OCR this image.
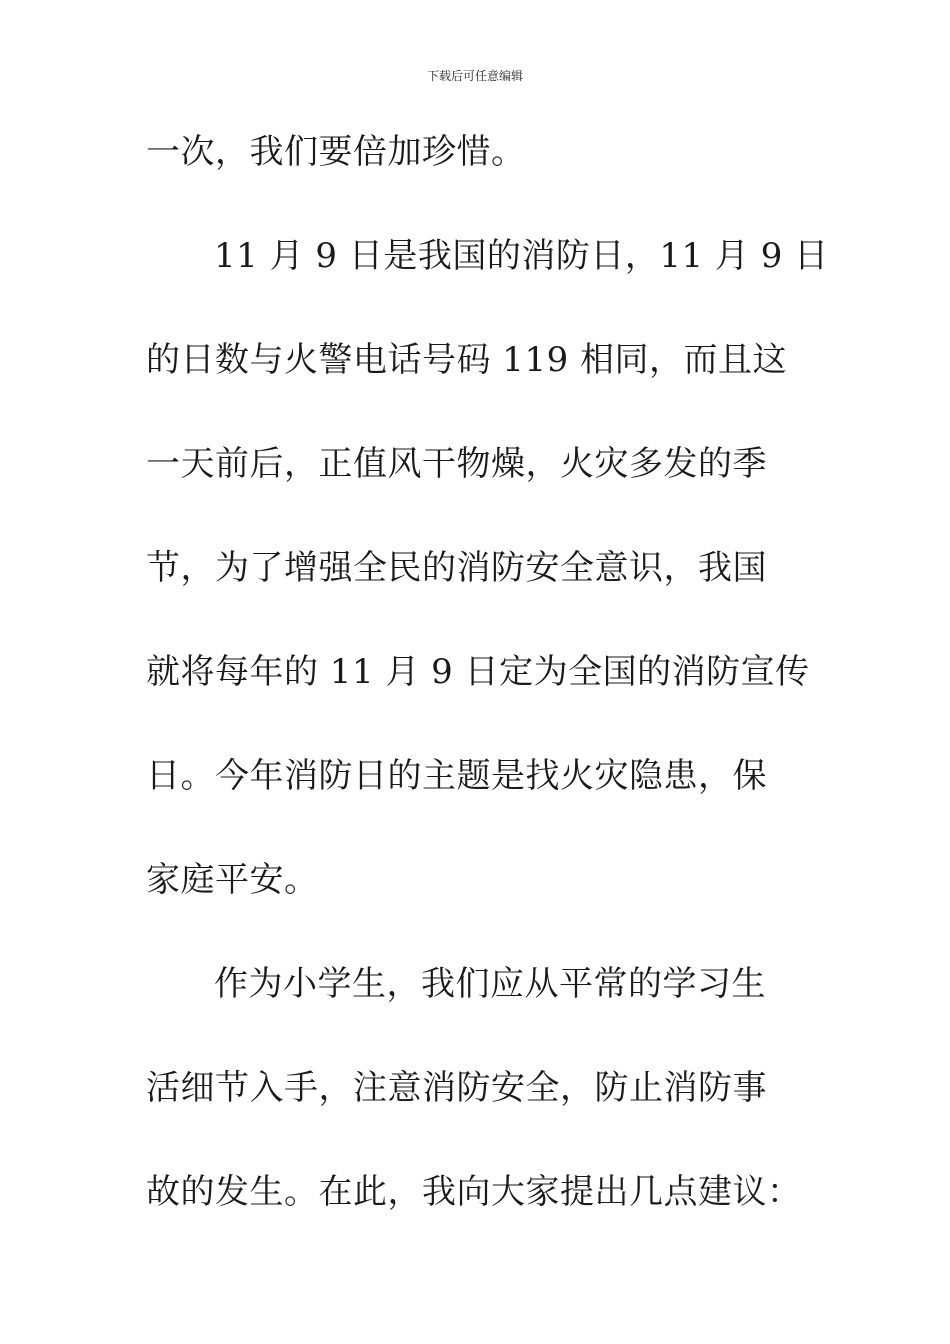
下载后可任意编辑
一次，我们要倍加珍惜。
11 月 9 日是我国的消防日，11 月 9 日
的日数与火警电话号码 119 相同，而且这
一天前后，正值风干物燥，火灾多发的季
节，为了增强全民的消防安全意识，我国
就将每年的 11 月 9 日定为全国的消防宣传
日。今年消防日的主题是找火灾隐患，保
家庭平安。
作为小学生，我们应从平常的学习生
活细节入手，注意消防安全，防止消防事
故的发生。在此，我向大家提出几点建议：
